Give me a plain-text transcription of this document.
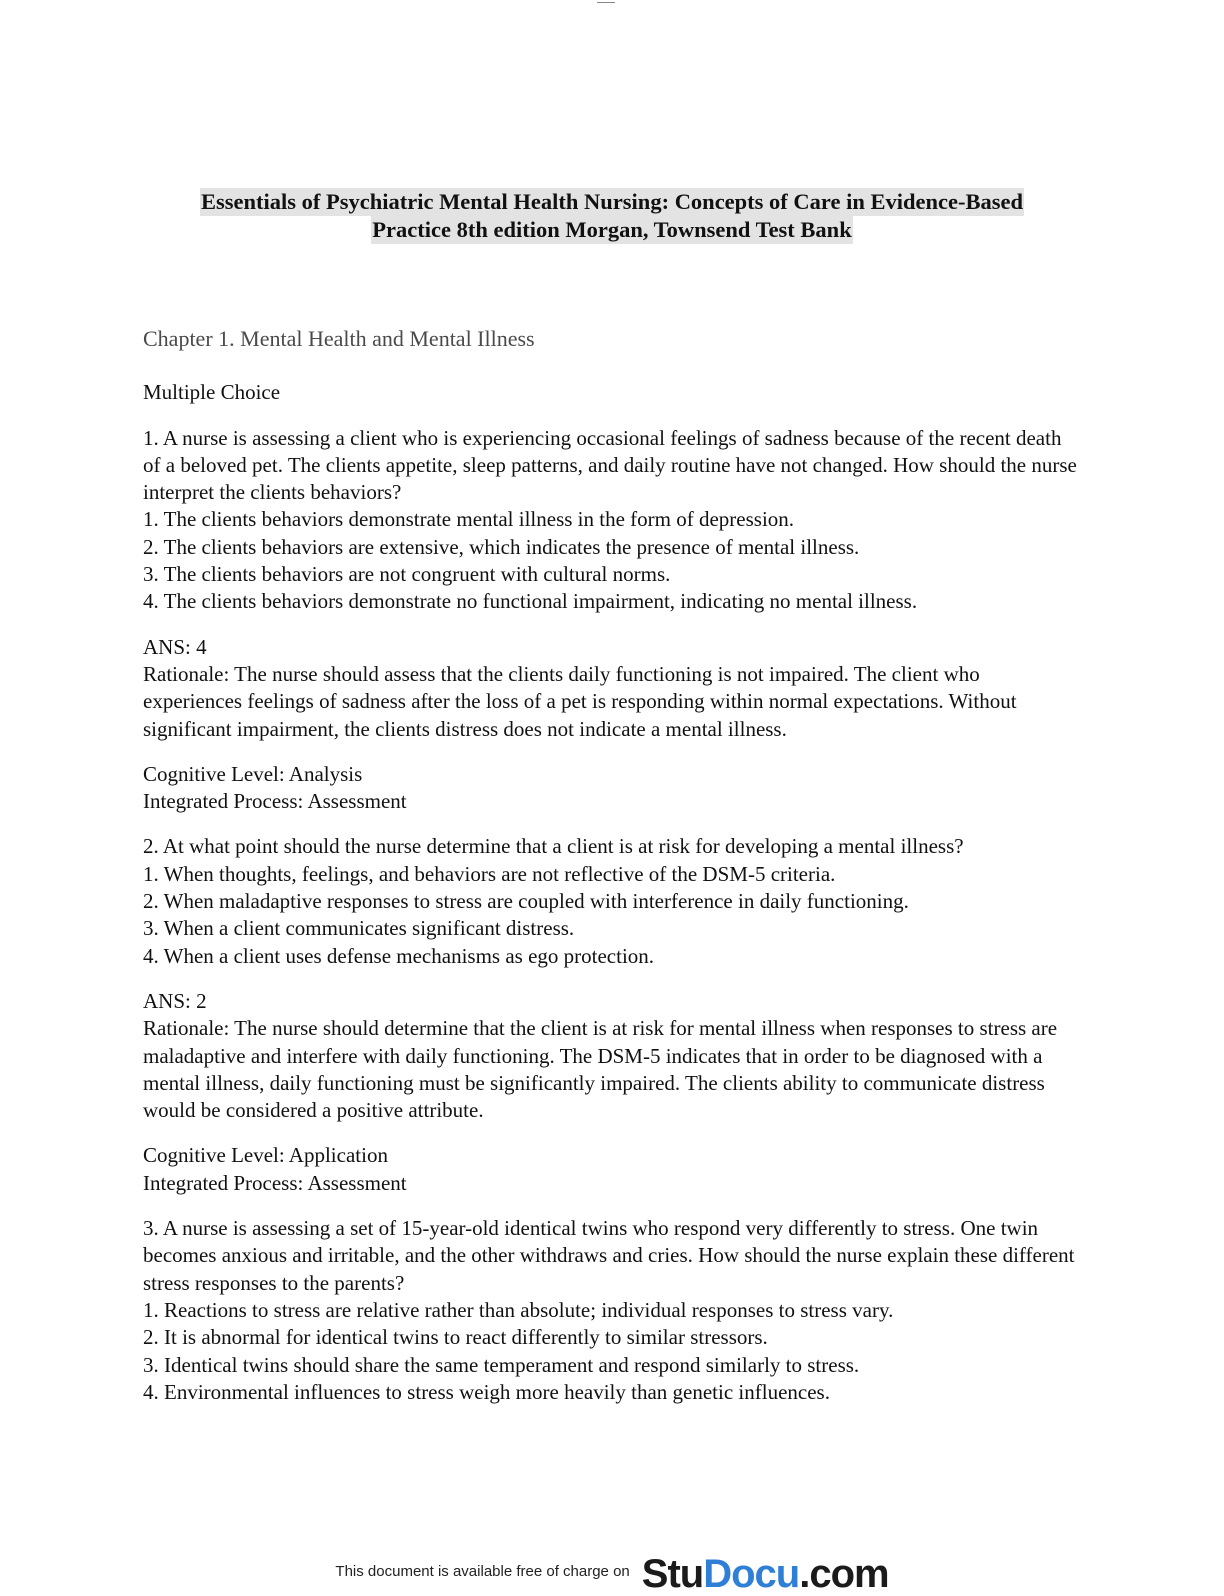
Essentials of Psychiatric Mental Health Nursing: Concepts of Care in Evidence-Based
Practice 8th edition Morgan, Townsend Test Bank

Chapter 1. Mental Health and Mental Illness

Multiple Choice

1. A nurse is assessing a client who is experiencing occasional feelings of sadness because of the recent death of a beloved pet. The clients appetite, sleep patterns, and daily routine have not changed. How should the nurse interpret the clients behaviors?

1. The clients behaviors demonstrate mental illness in the form of depression.

2. The clients behaviors are extensive, which indicates the presence of mental illness.

3. The clients behaviors are not congruent with cultural norms.

4. The clients behaviors demonstrate no functional impairment, indicating no mental illness.

ANS: 4

Rationale: The nurse should assess that the clients daily functioning is not impaired. The client who experiences feelings of sadness after the loss of a pet is responding within normal expectations. Without significant impairment, the clients distress does not indicate a mental illness.

Cognitive Level: Analysis

Integrated Process: Assessment

2. At what point should the nurse determine that a client is at risk for developing a mental illness?

1. When thoughts, feelings, and behaviors are not reflective of the DSM-5 criteria.

2. When maladaptive responses to stress are coupled with interference in daily functioning.

3. When a client communicates significant distress.

4. When a client uses defense mechanisms as ego protection.

ANS: 2

Rationale: The nurse should determine that the client is at risk for mental illness when responses to stress are maladaptive and interfere with daily functioning. The DSM-5 indicates that in order to be diagnosed with a mental illness, daily functioning must be significantly impaired. The clients ability to communicate distress would be considered a positive attribute.

Cognitive Level: Application

Integrated Process: Assessment

3. A nurse is assessing a set of 15-year-old identical twins who respond very differently to stress. One twin becomes anxious and irritable, and the other withdraws and cries. How should the nurse explain these different stress responses to the parents?

1. Reactions to stress are relative rather than absolute; individual responses to stress vary.

2. It is abnormal for identical twins to react differently to similar stressors.

3. Identical twins should share the same temperament and respond similarly to stress.

4. Environmental influences to stress weigh more heavily than genetic influences.

This document is available free of charge on StuDocu.com
